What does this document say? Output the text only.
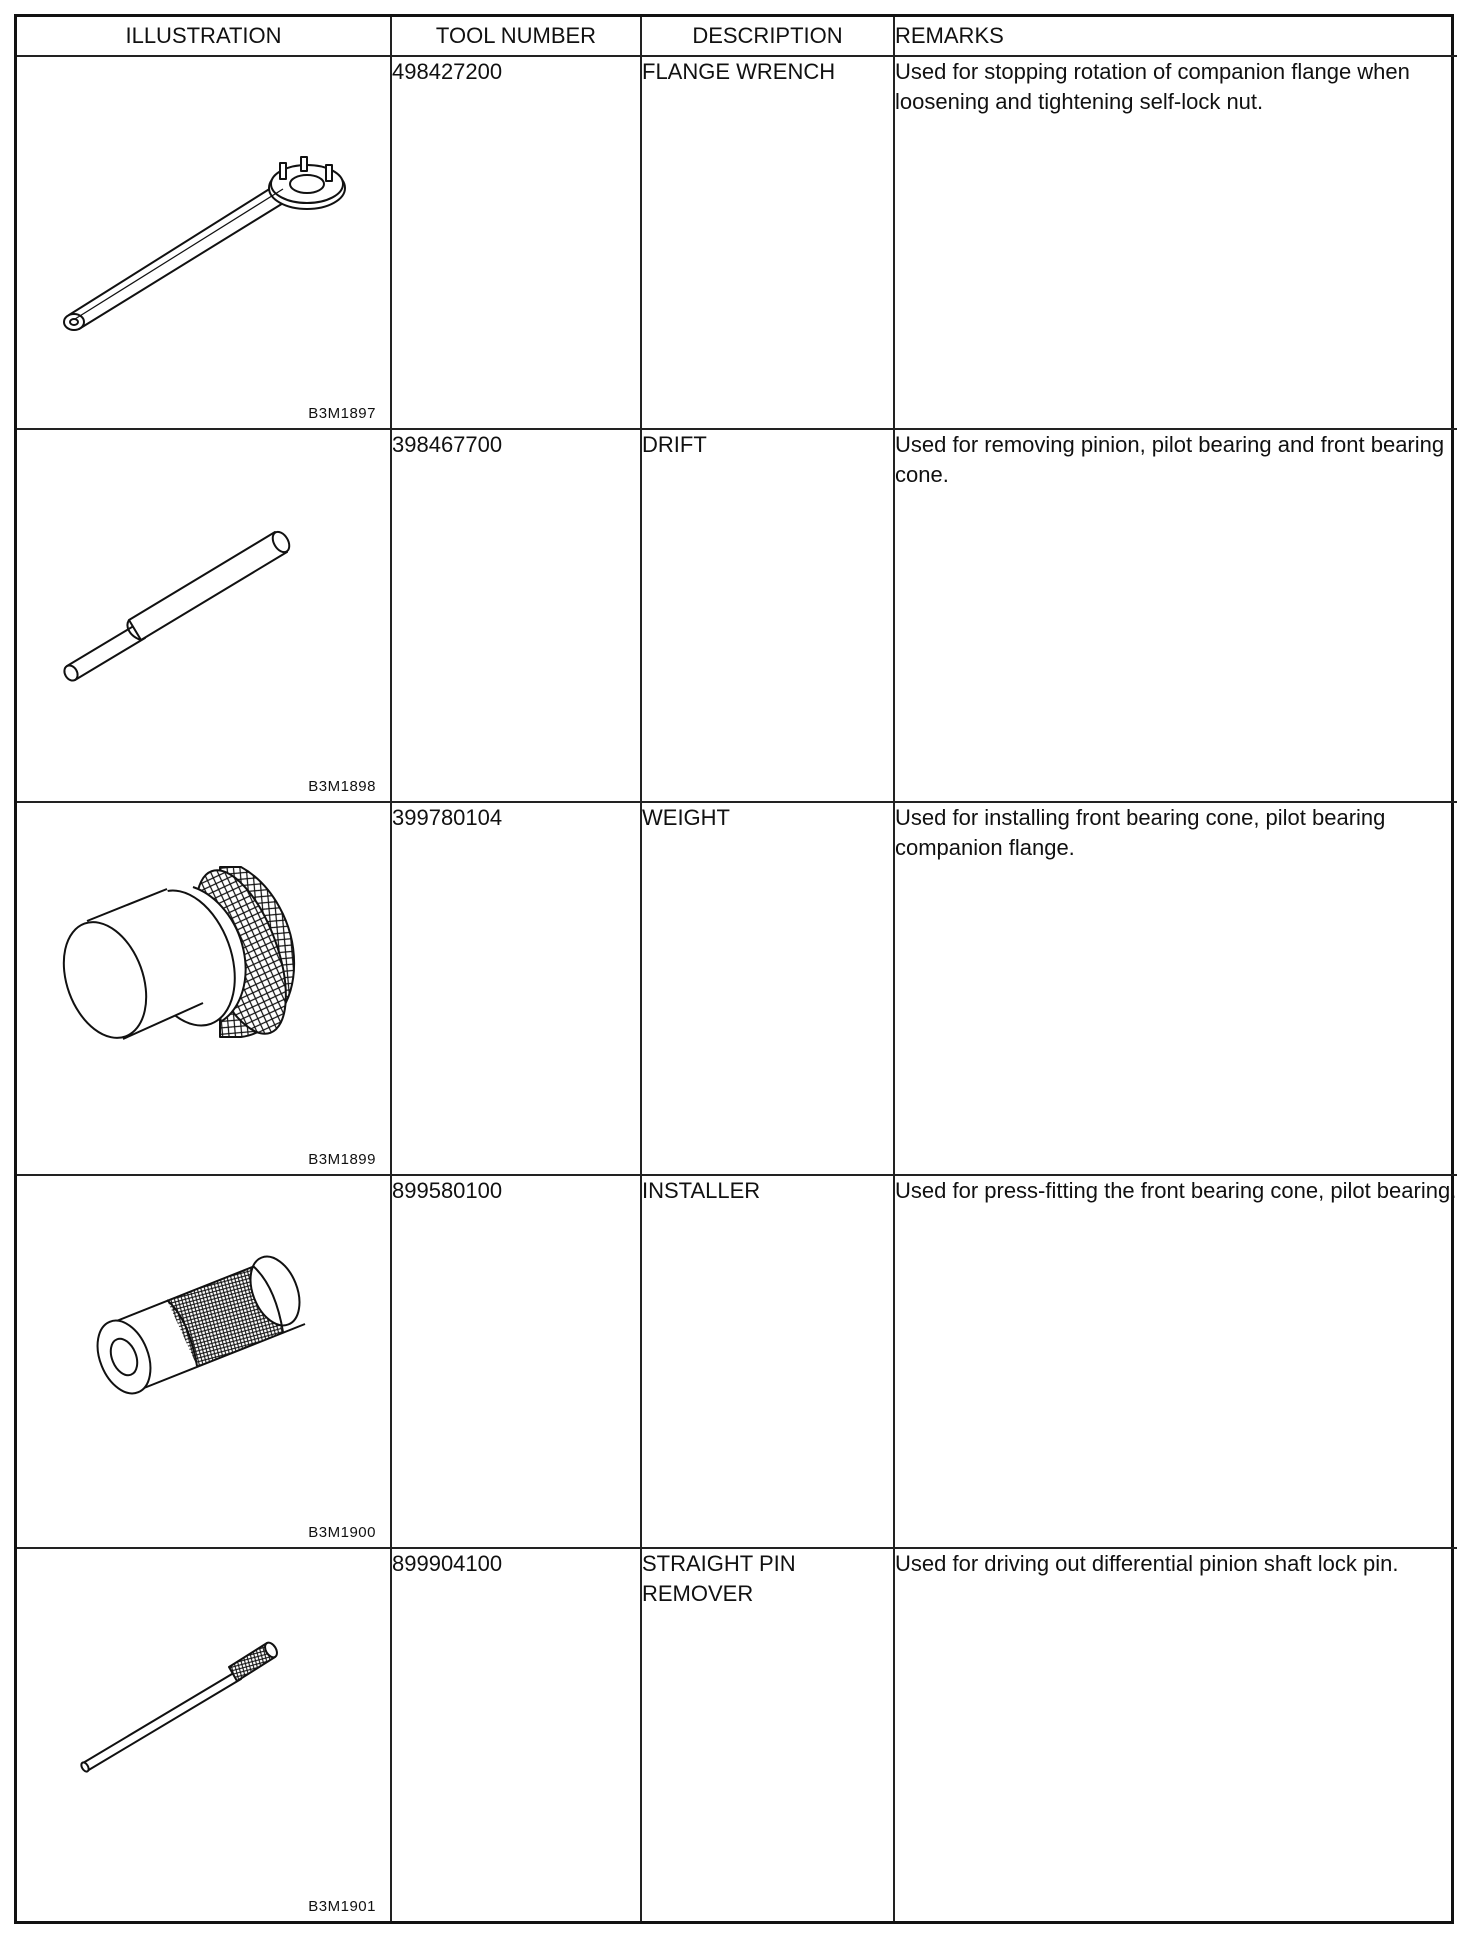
ILLUSTRATION	TOOL NUMBER	DESCRIPTION	REMARKS

B3M1897	498427200	FLANGE WRENCH	Used for stopping rotation of companion flange when loosening and tightening self-lock nut.

B3M1898	398467700	DRIFT	Used for removing pinion, pilot bearing and front bearing cone.

B3M1899	399780104	WEIGHT	Used for installing front bearing cone, pilot bearing companion flange.

B3M1900	899580100	INSTALLER	Used for press-fitting the front bearing cone, pilot bearing.

B3M1901	899904100	STRAIGHT PIN REMOVER	Used for driving out differential pinion shaft lock pin.
